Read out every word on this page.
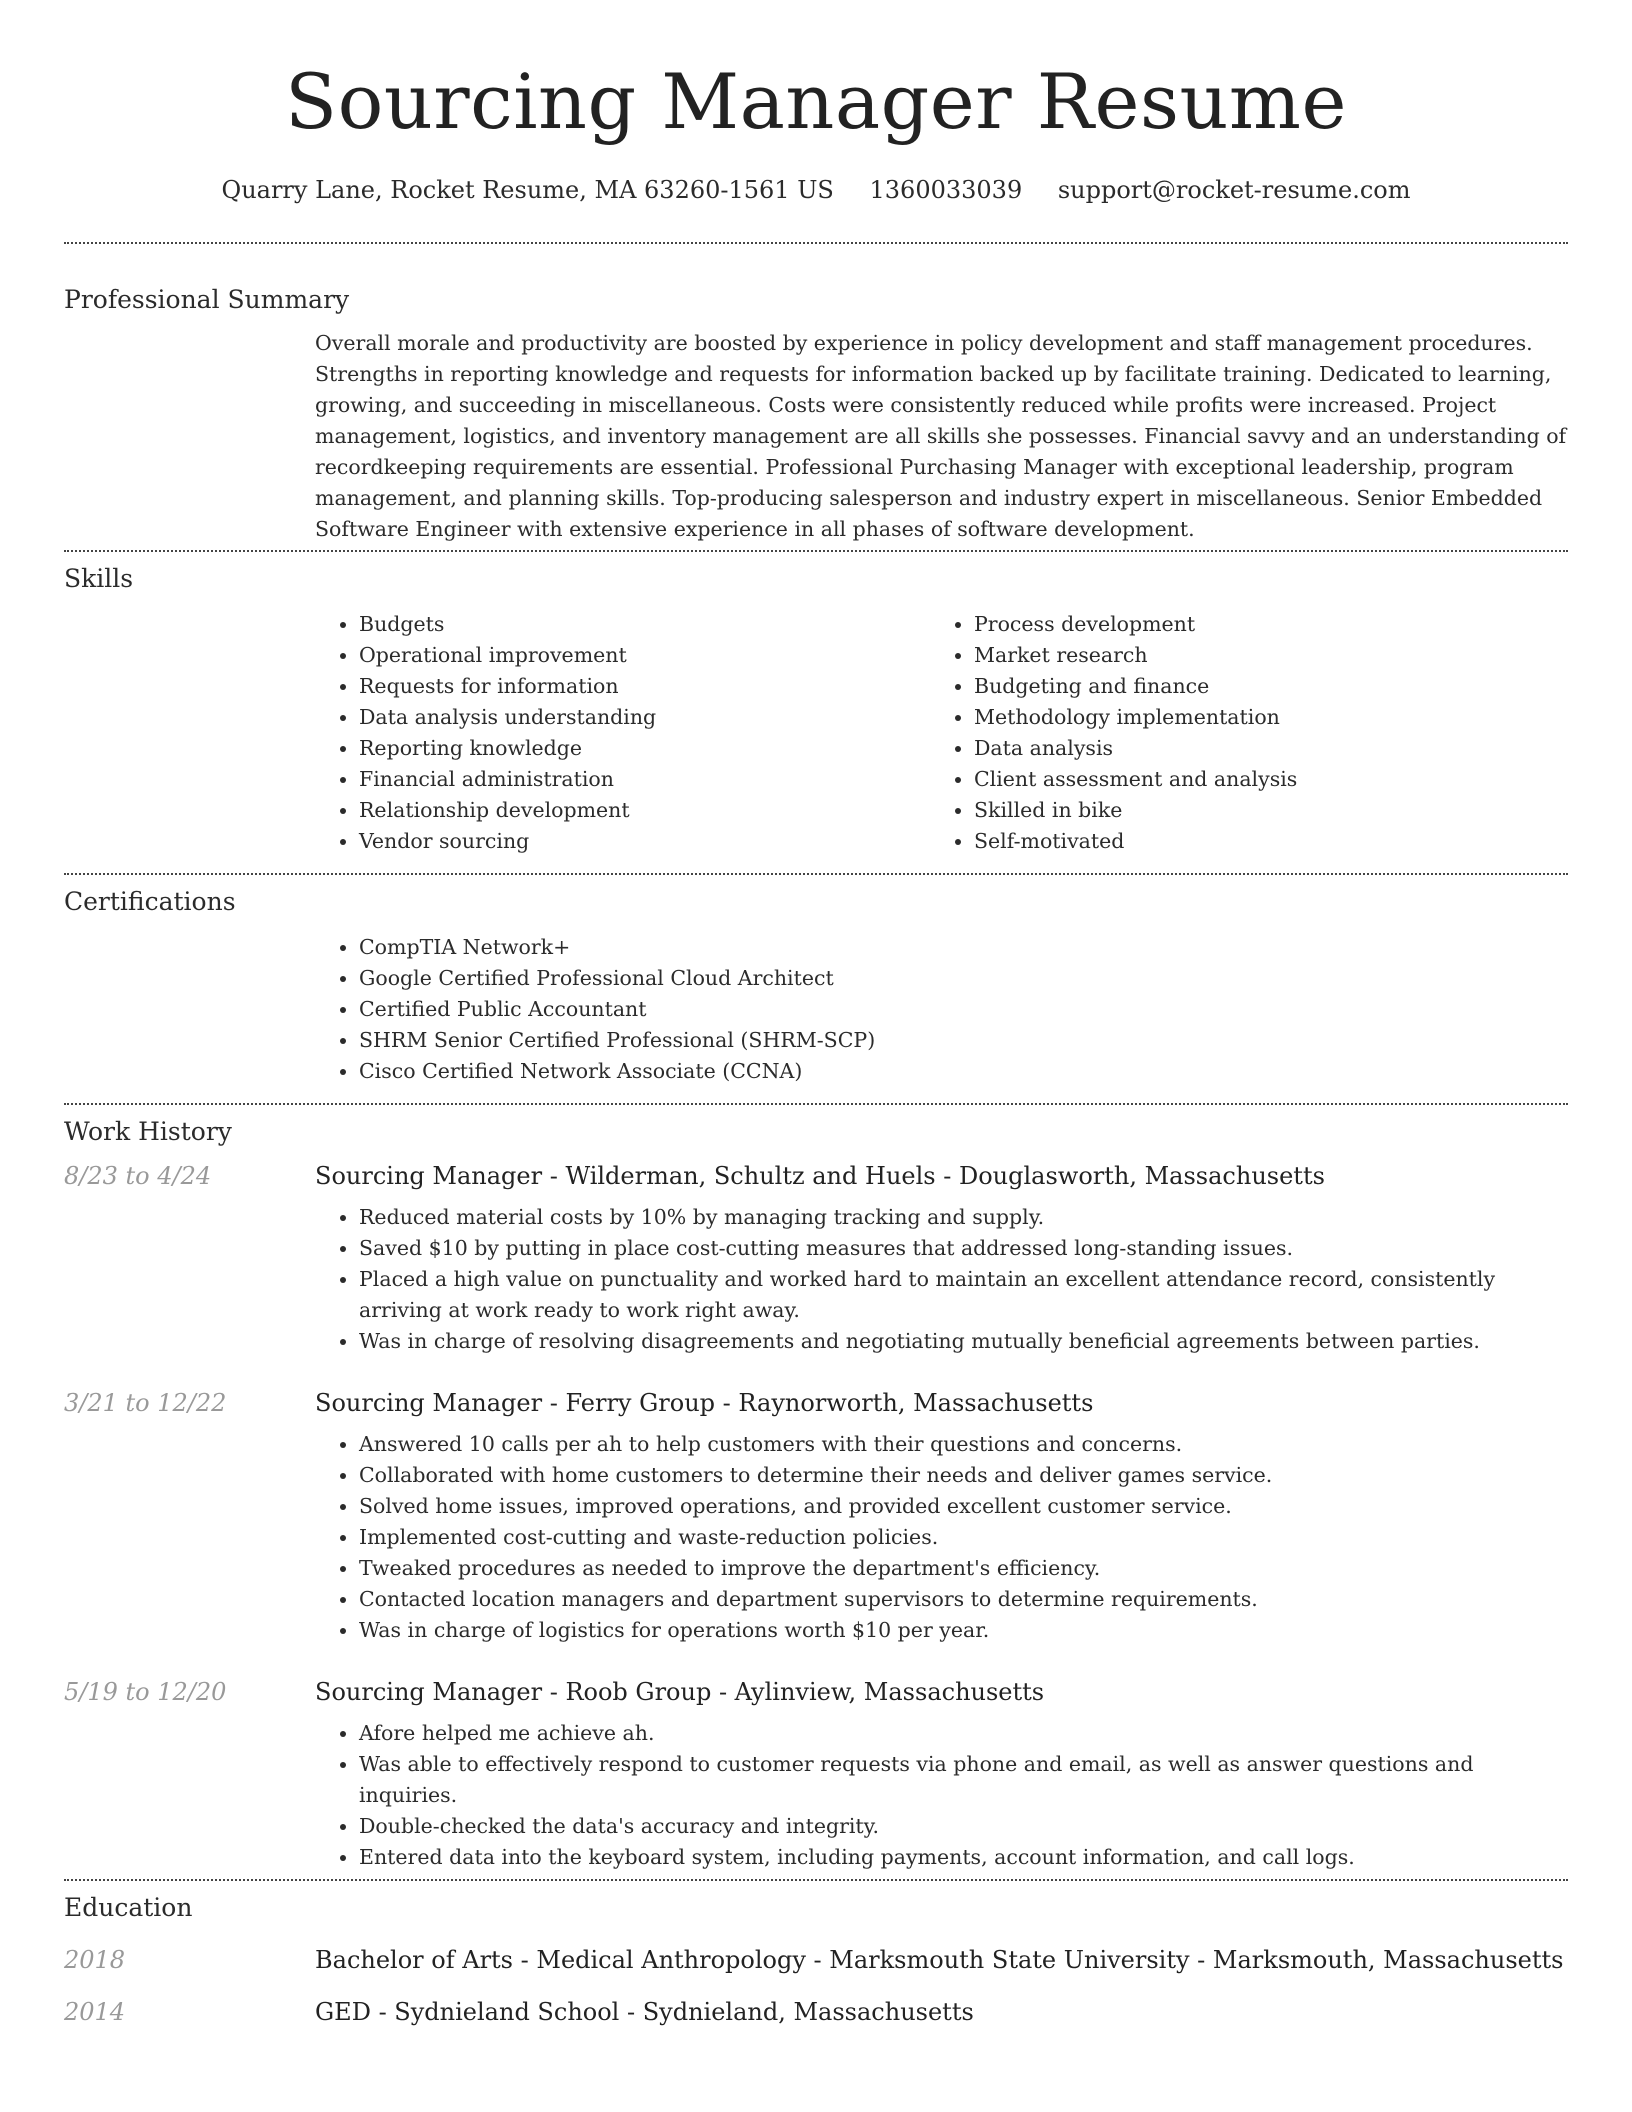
Sourcing Manager Resume
Quarry Lane, Rocket Resume, MA 63260-1561 US 1360033039 support@rocket-resume.com
Professional Summary

Overall morale and productivity are boosted by experience in policy development and staff management procedures. Strengths in reporting knowledge and requests for information backed up by facilitate training. Dedicated to learning, growing, and succeeding in miscellaneous. Costs were consistently reduced while profits were increased. Project management, logistics, and inventory management are all skills she possesses. Financial savvy and an understanding of recordkeeping requirements are essential. Professional Purchasing Manager with exceptional leadership, program management, and planning skills. Top-producing salesperson and industry expert in miscellaneous. Senior Embedded Software Engineer with extensive experience in all phases of software development.

Skills
• Budgets
• Operational improvement
• Requests for information
• Data analysis understanding
• Reporting knowledge
• Financial administration
• Relationship development
• Vendor sourcing
• Process development
• Market research
• Budgeting and finance
• Methodology implementation
• Data analysis
• Client assessment and analysis
• Skilled in bike
• Self-motivated
Certifications
• CompTIA Network+
• Google Certified Professional Cloud Architect
• Certified Public Accountant
• SHRM Senior Certified Professional (SHRM-SCP)
• Cisco Certified Network Associate (CCNA)
Work History
8/23 to 4/24	Sourcing Manager - Wilderman, Schultz and Huels - Douglasworth, Massachusetts
• Reduced material costs by 10% by managing tracking and supply.
• Saved $10 by putting in place cost-cutting measures that addressed long-standing issues.
• Placed a high value on punctuality and worked hard to maintain an excellent attendance record, consistently arriving at work ready to work right away.
• Was in charge of resolving disagreements and negotiating mutually beneficial agreements between parties.
3/21 to 12/22	Sourcing Manager - Ferry Group - Raynorworth, Massachusetts
• Answered 10 calls per ah to help customers with their questions and concerns.
• Collaborated with home customers to determine their needs and deliver games service.
• Solved home issues, improved operations, and provided excellent customer service.
• Implemented cost-cutting and waste-reduction policies.
• Tweaked procedures as needed to improve the department's efficiency.
• Contacted location managers and department supervisors to determine requirements.
• Was in charge of logistics for operations worth $10 per year.
5/19 to 12/20	Sourcing Manager - Roob Group - Aylinview, Massachusetts
• Afore helped me achieve ah.
• Was able to effectively respond to customer requests via phone and email, as well as answer questions and inquiries.
• Double-checked the data's accuracy and integrity.
• Entered data into the keyboard system, including payments, account information, and call logs.
Education
2018	Bachelor of Arts - Medical Anthropology - Marksmouth State University - Marksmouth, Massachusetts
2014	GED - Sydnieland School - Sydnieland, Massachusetts
